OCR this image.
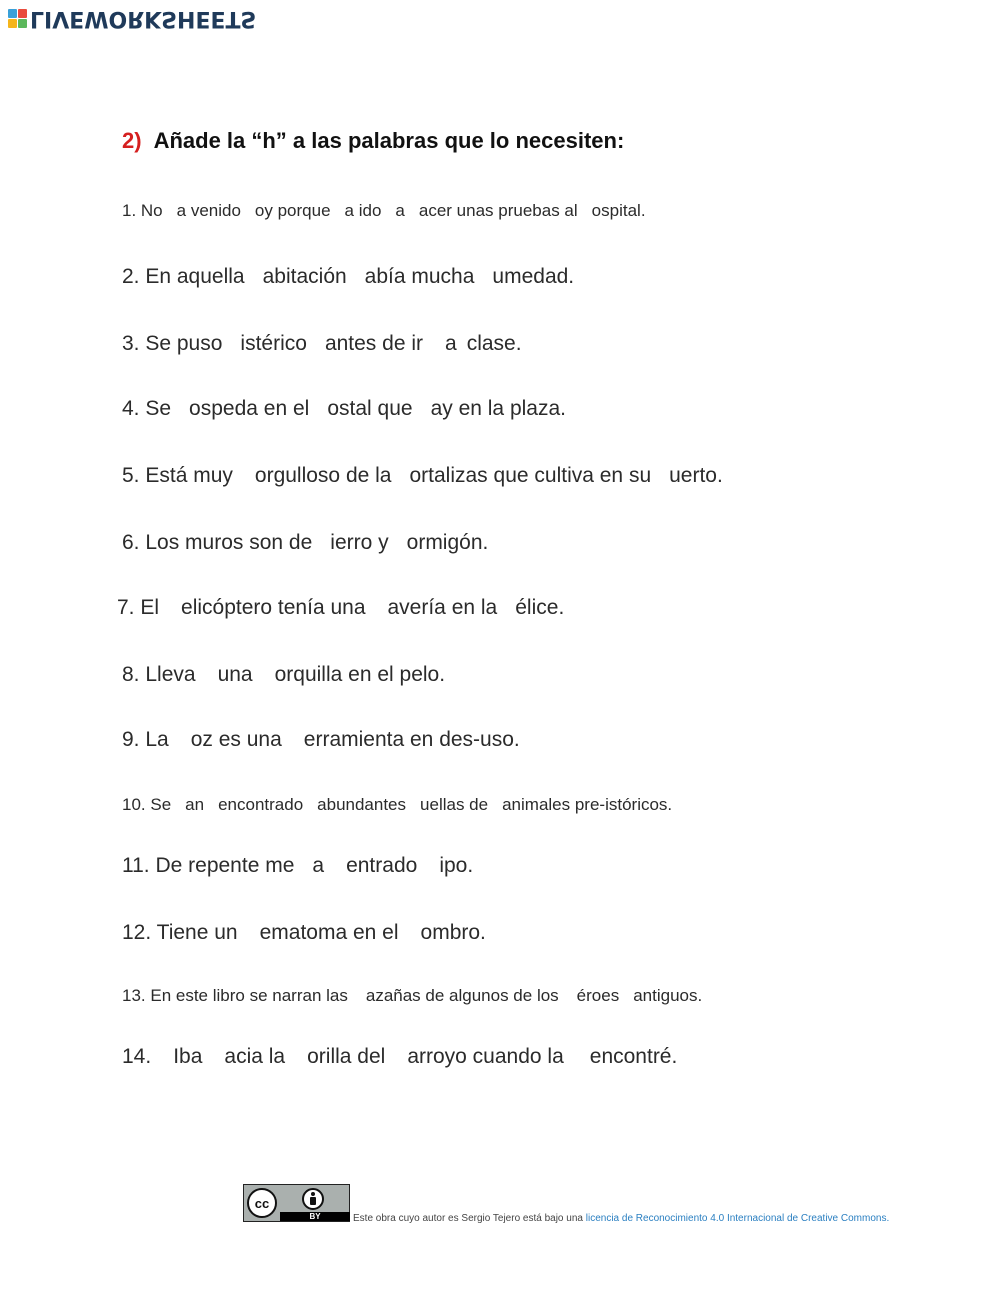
LIVEWORKSHEETS
2) Añade la “h” a las palabras que lo necesiten:
1. No a venido oy porque a ido a acer unas pruebas al ospital.
2. En aquella abitación abía mucha umedad.
3. Se puso istérico antes de ir a clase.
4. Se ospeda en el ostal que ay en la plaza.
5. Está muy orgulloso de la ortalizas que cultiva en su uerto.
6. Los muros son de ierro y ormigón.
7. El elicóptero tenía una avería en la élice.
8. Lleva una orquilla en el pelo.
9. La oz es una erramienta en des-uso.
10. Se an encontrado abundantes uellas de animales pre-istóricos.
11. De repente me a entrado ipo.
12. Tiene un ematoma en el ombro.
13. En este libro se narran las azañas de algunos de los éroes antiguos.
14. Iba acia la orilla del arroyo cuando la encontré.
cc
BY	Este obra cuyo autor es Sergio Tejero está bajo una licencia de Reconocimiento 4.0 Internacional de Creative Commons.
